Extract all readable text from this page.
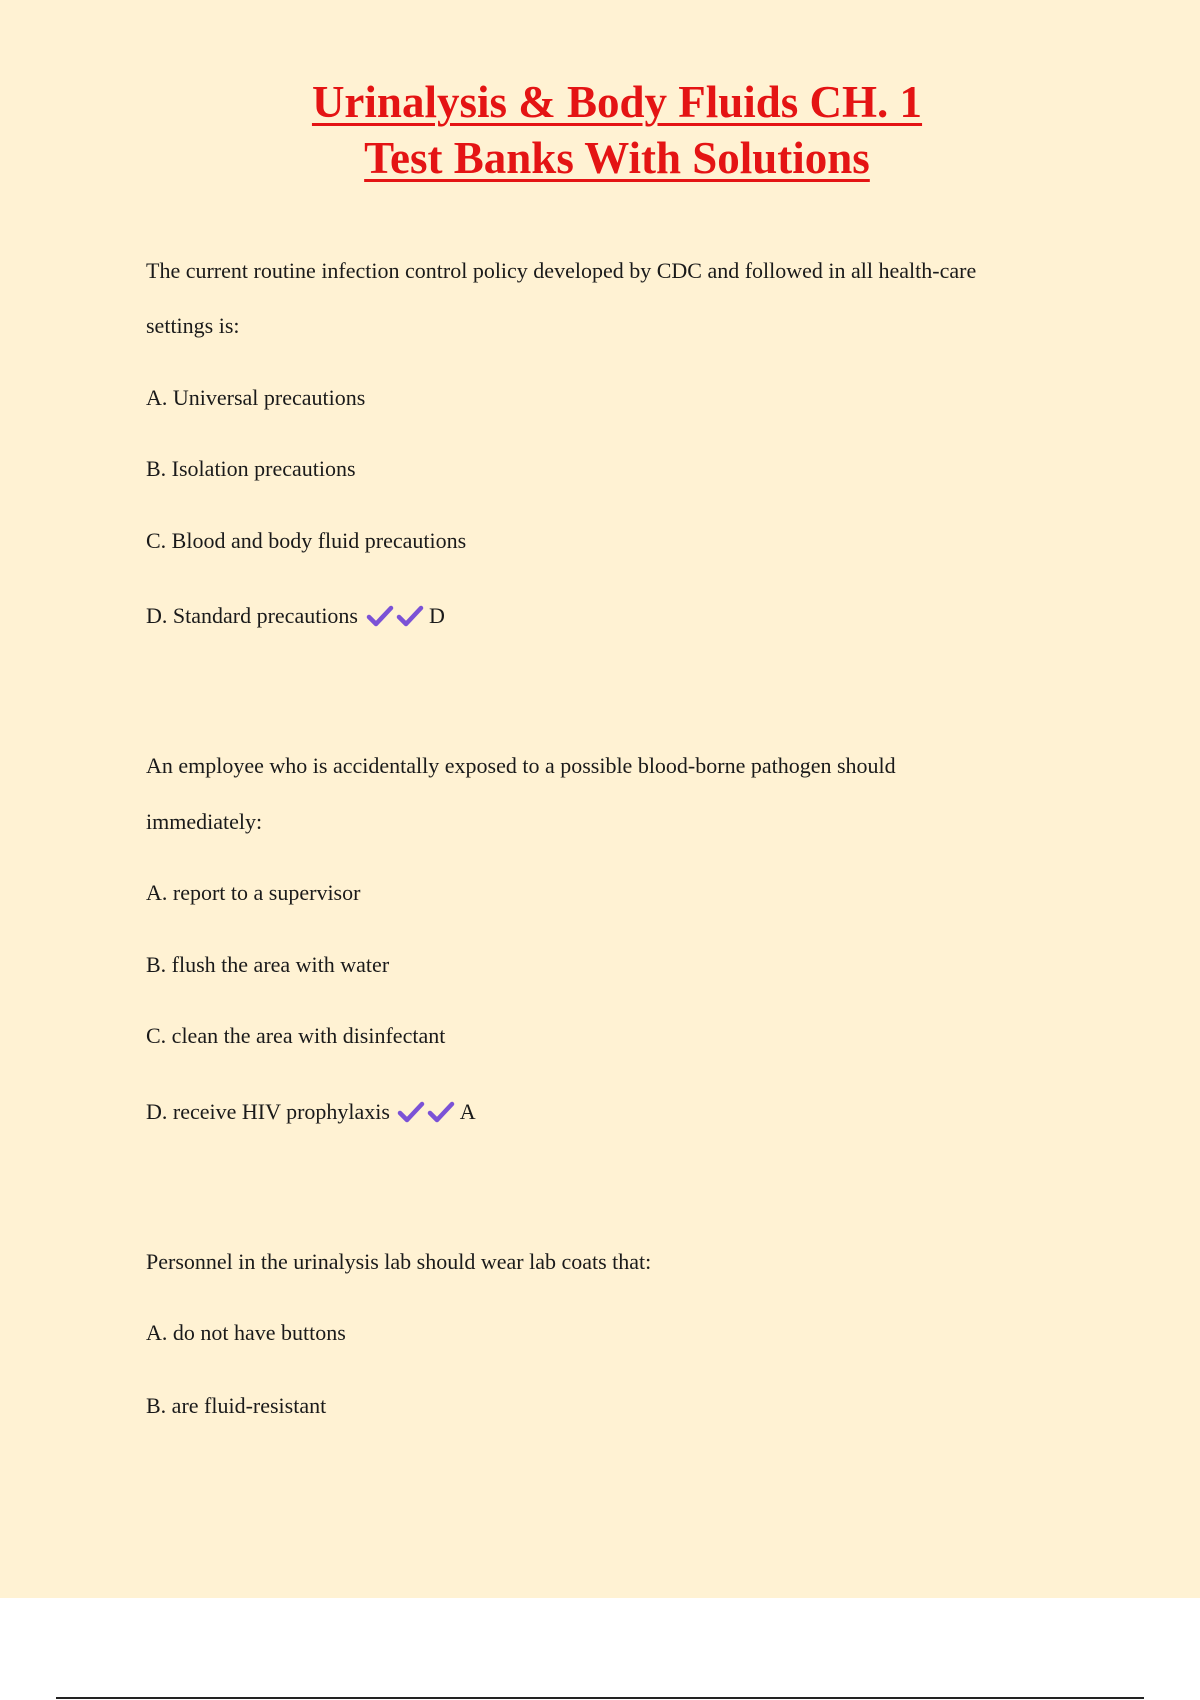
Urinalysis & Body Fluids CH. 1
Test Banks With Solutions
The current routine infection control policy developed by CDC and followed in all health-care
settings is:
A. Universal precautions
B. Isolation precautions
C. Blood and body fluid precautions
D. Standard precautions	D
An employee who is accidentally exposed to a possible blood-borne pathogen should
immediately:
A. report to a supervisor
B. flush the area with water
C. clean the area with disinfectant
D. receive HIV prophylaxis	A
Personnel in the urinalysis lab should wear lab coats that:
A. do not have buttons
B. are fluid-resistant
